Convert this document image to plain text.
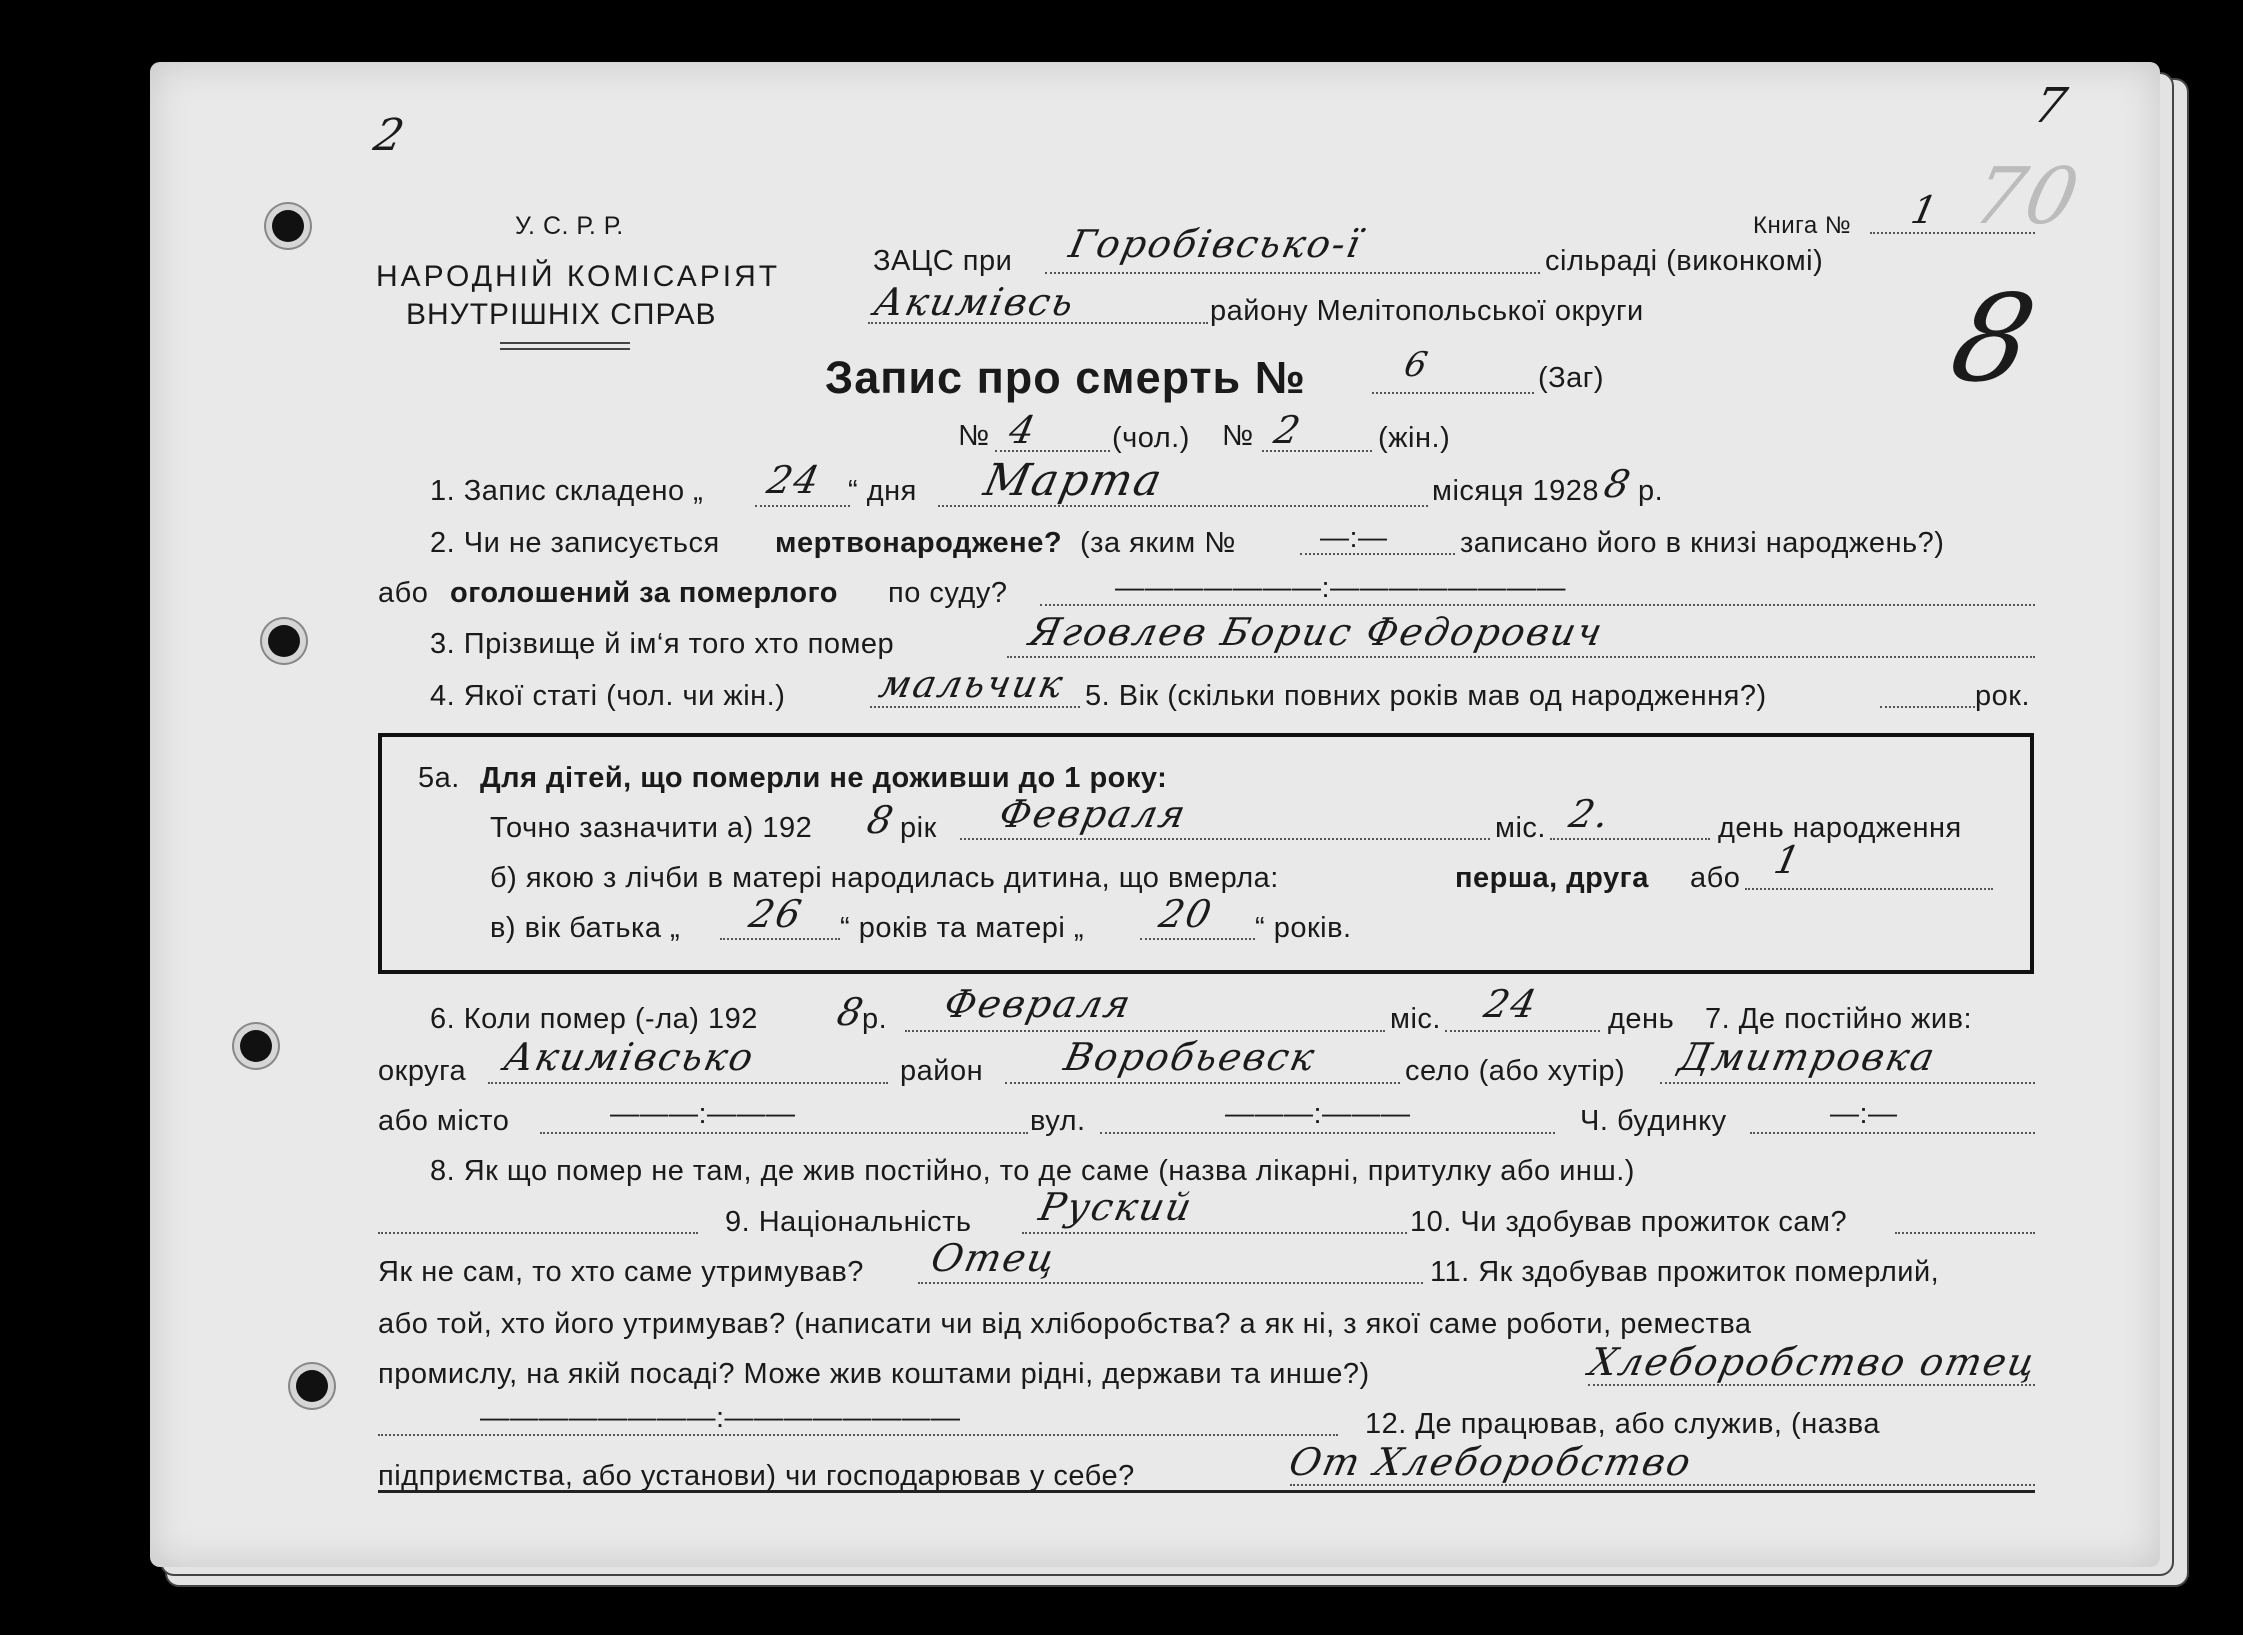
7
70
8
2
У. С. Р. Р.
НАРОДНІЙ КОМІСАРІЯТ
ВНУТРІШНІХ СПРАВ
Книга № 1
ЗАЦС при Горобівсько-ї	сільраді (виконкомі)
Акимівсь	району Мелітопольської округи
Запис про смерть №	6	(Заг)
№ 4 (чол.) № 2 (жін.)
1. Запис складено „ 24 “ дня Марта	місяця 1928 8 р.
2. Чи не записується мертвонароджене? (за яким №	—:— записано його в книзі народжень?)
або оголошений за померлого по суду?	———————:————————
3. Прізвище й ім‘я того хто помер	Яговлев Борис Федорович
4. Якої статі (чол. чи жін.) мальчик 5. Вік (скільки повних років мав од народження?)	рок.
5а. Для дітей, що померли не доживши до 1 року:
Точно зазначити а) 192 8 рік Февраля	міс. 2.	день народження
б) якою з лічби в матері народилась дитина, що вмерла:	перша, друга або 1
в) вік батька „ 26 “ років та матері „ 20 “ років.
6. Коли помер (-ла) 192 8
р. Февраля	міс. 24 день 7. Де постійно жив:
округа Акимівсько	район Воробьевск	село (або хутір) Дмитровка
або місто	———:———	вул.	———:———	Ч. будинку	—:—
8. Як що помер не там, де жив постійно, то де саме (назва лікарні, притулку або инш.)
9. Національність Руский	10. Чи здобував прожиток сам?
Як не сам, то хто саме утримував? Отец	11. Як здобував прожиток померлий,
або той, хто його утримував? (написати чи від хліборобства? а як ні, з якої саме роботи, ремества
промислу, на якій посаді? Може жив коштами рідні, держави та инше?)	Хлеборобство отец
————————:————————	12. Де працював, або служив, (назва
підприємства, або установи) чи господарював у себе?	От Хлеборобство
